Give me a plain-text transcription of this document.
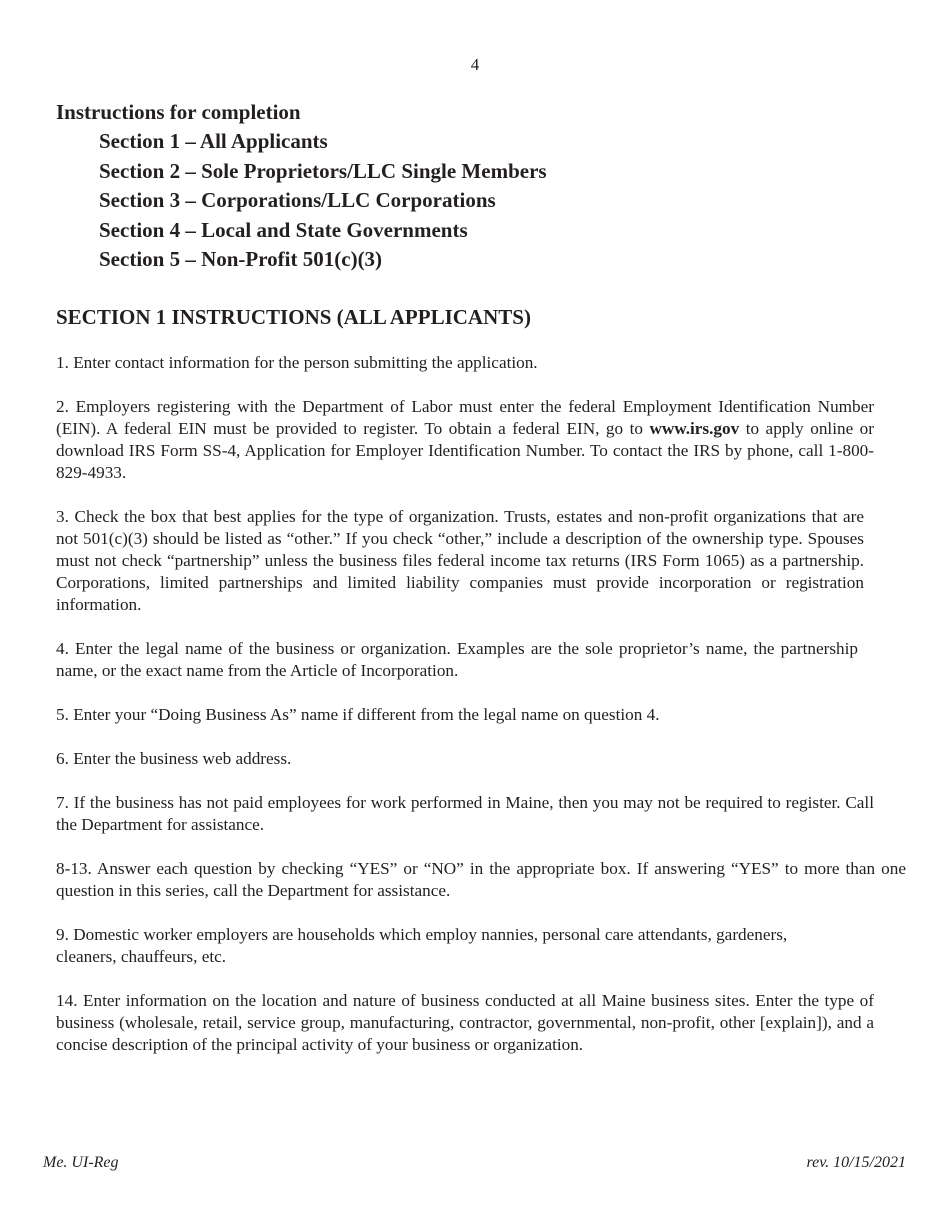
4
Instructions for completion
Section 1 – All Applicants
Section 2 – Sole Proprietors/LLC Single Members
Section 3 – Corporations/LLC Corporations
Section 4 – Local and State Governments
Section 5 – Non-Profit 501(c)(3)
SECTION 1 INSTRUCTIONS (ALL APPLICANTS)

1. Enter contact information for the person submitting the application.

2. Employers registering with the Department of Labor must enter the federal Employment Identification Number (EIN). A federal EIN must be provided to register. To obtain a federal EIN, go to www.irs.gov to apply online or download IRS Form SS-4, Application for Employer Identification Number. To contact the IRS by phone, call 1-800-829-4933.

3. Check the box that best applies for the type of organization. Trusts, estates and non-profit organizations that are not 501(c)(3) should be listed as “other.” If you check “other,” include a description of the ownership type. Spouses must not check “partnership” unless the business files federal income tax returns (IRS Form 1065) as a partnership. Corporations, limited partnerships and limited liability companies must provide incorporation or registration information.

4. Enter the legal name of the business or organization. Examples are the sole proprietor’s name, the partnership name, or the exact name from the Article of Incorporation.

5. Enter your “Doing Business As” name if different from the legal name on question 4.

6. Enter the business web address.

7. If the business has not paid employees for work performed in Maine, then you may not be required to register. Call the Department for assistance.

8-13. Answer each question by checking “YES” or “NO” in the appropriate box. If answering “YES” to more than one question in this series, call the Department for assistance.

9. Domestic worker employers are households which employ nannies, personal care attendants, gardeners, cleaners, chauffeurs, etc.

14. Enter information on the location and nature of business conducted at all Maine business sites. Enter the type of business (wholesale, retail, service group, manufacturing, contractor, governmental, non-profit, other [explain]), and a concise description of the principal activity of your business or organization.

Me. UI-Reg	rev. 10/15/2021
